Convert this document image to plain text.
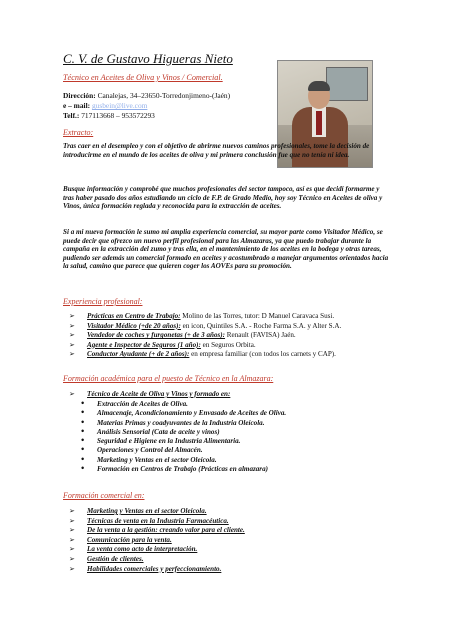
C. V. de Gustavo Higueras Nieto
Técnico en Aceites de Oliva y Vinos / Comercial.
Dirección: Canalejas, 34–23650-Torredonjimeno-(Jaén)
e – mail: gusbein@live.com
Telf.: 717113668 – 953572293
Extracto:
Tras caer en el desempleo y con el objetivo de abrirme nuevos caminos profesionales, tome la decisión de introducirme en el mundo de los aceites de oliva y mi primera conclusión fue que no tenía ni idea.
Busque información y comprobé que muchos profesionales del sector tampoco, así es que decidí formarme y tras haber pasado dos años estudiando un ciclo de F.P. de Grado Medio, hoy soy Técnico en Aceites de oliva y Vinos, única formación reglada y reconocida para la extracción de aceites.
Si a mi nueva formación le sumo mi amplia experiencia comercial, su mayor parte como Visitador Médico, se puede decir que ofrezco un nuevo perfil profesional para las Almazaras, ya que puedo trabajar durante la campaña en la extracción del zumo y tras ella, en el mantenimiento de los aceites en la bodega y otras tareas, pudiendo ser además un comercial formado en aceites y acostumbrado a manejar argumentos orientados hacia la salud, camino que parece que quieren coger los AOVEs para su promoción.
Experiencia profesional:
➢ Prácticas en Centro de Trabajo: Molino de las Torres, tutor: D Manuel Caravaca Susi.
➢ Visitador Médico (+de 20 años): en icon, Quintiles S.A. - Roche Farma S.A. y Alter S.A.
➢ Vendedor de coches y furgonetas (+ de 3 años): Renault (FAVISA) Jaén.
➢ Agente e Inspector de Seguros (1 año): en Seguros Orbita.
➢ Conductor Ayudante (+ de 2 años): en empresa familiar (con todos los carnets y CAP).
Formación académica para el puesto de Técnico en la Almazara:
➢ Técnico de Aceite de Oliva y Vinos y formado en:
• Extracción de Aceites de Oliva.
• Almacenaje, Acondicionamiento y Envasado de Aceites de Oliva.
• Materias Primas y coadyuvantes de la Industria Oleícola.
• Análisis Sensorial (Cata de aceite y vinos)
• Seguridad e Higiene en la Industria Alimentaria.
• Operaciones y Control del Almacén.
• Marketing y Ventas en el sector Oleícola.
• Formación en Centros de Trabajo (Prácticas en almazara)
Formación comercial en:
➢ Marketing y Ventas en el sector Oleícola.
➢ Técnicas de venta en la Industria Farmacéutica.
➢ De la venta a la gestión: creando valor para el cliente.
➢ Comunicación para la venta.
➢ La venta como acto de interpretación.
➢ Gestión de clientes.
➢ Habilidades comerciales y perfeccionamiento.
